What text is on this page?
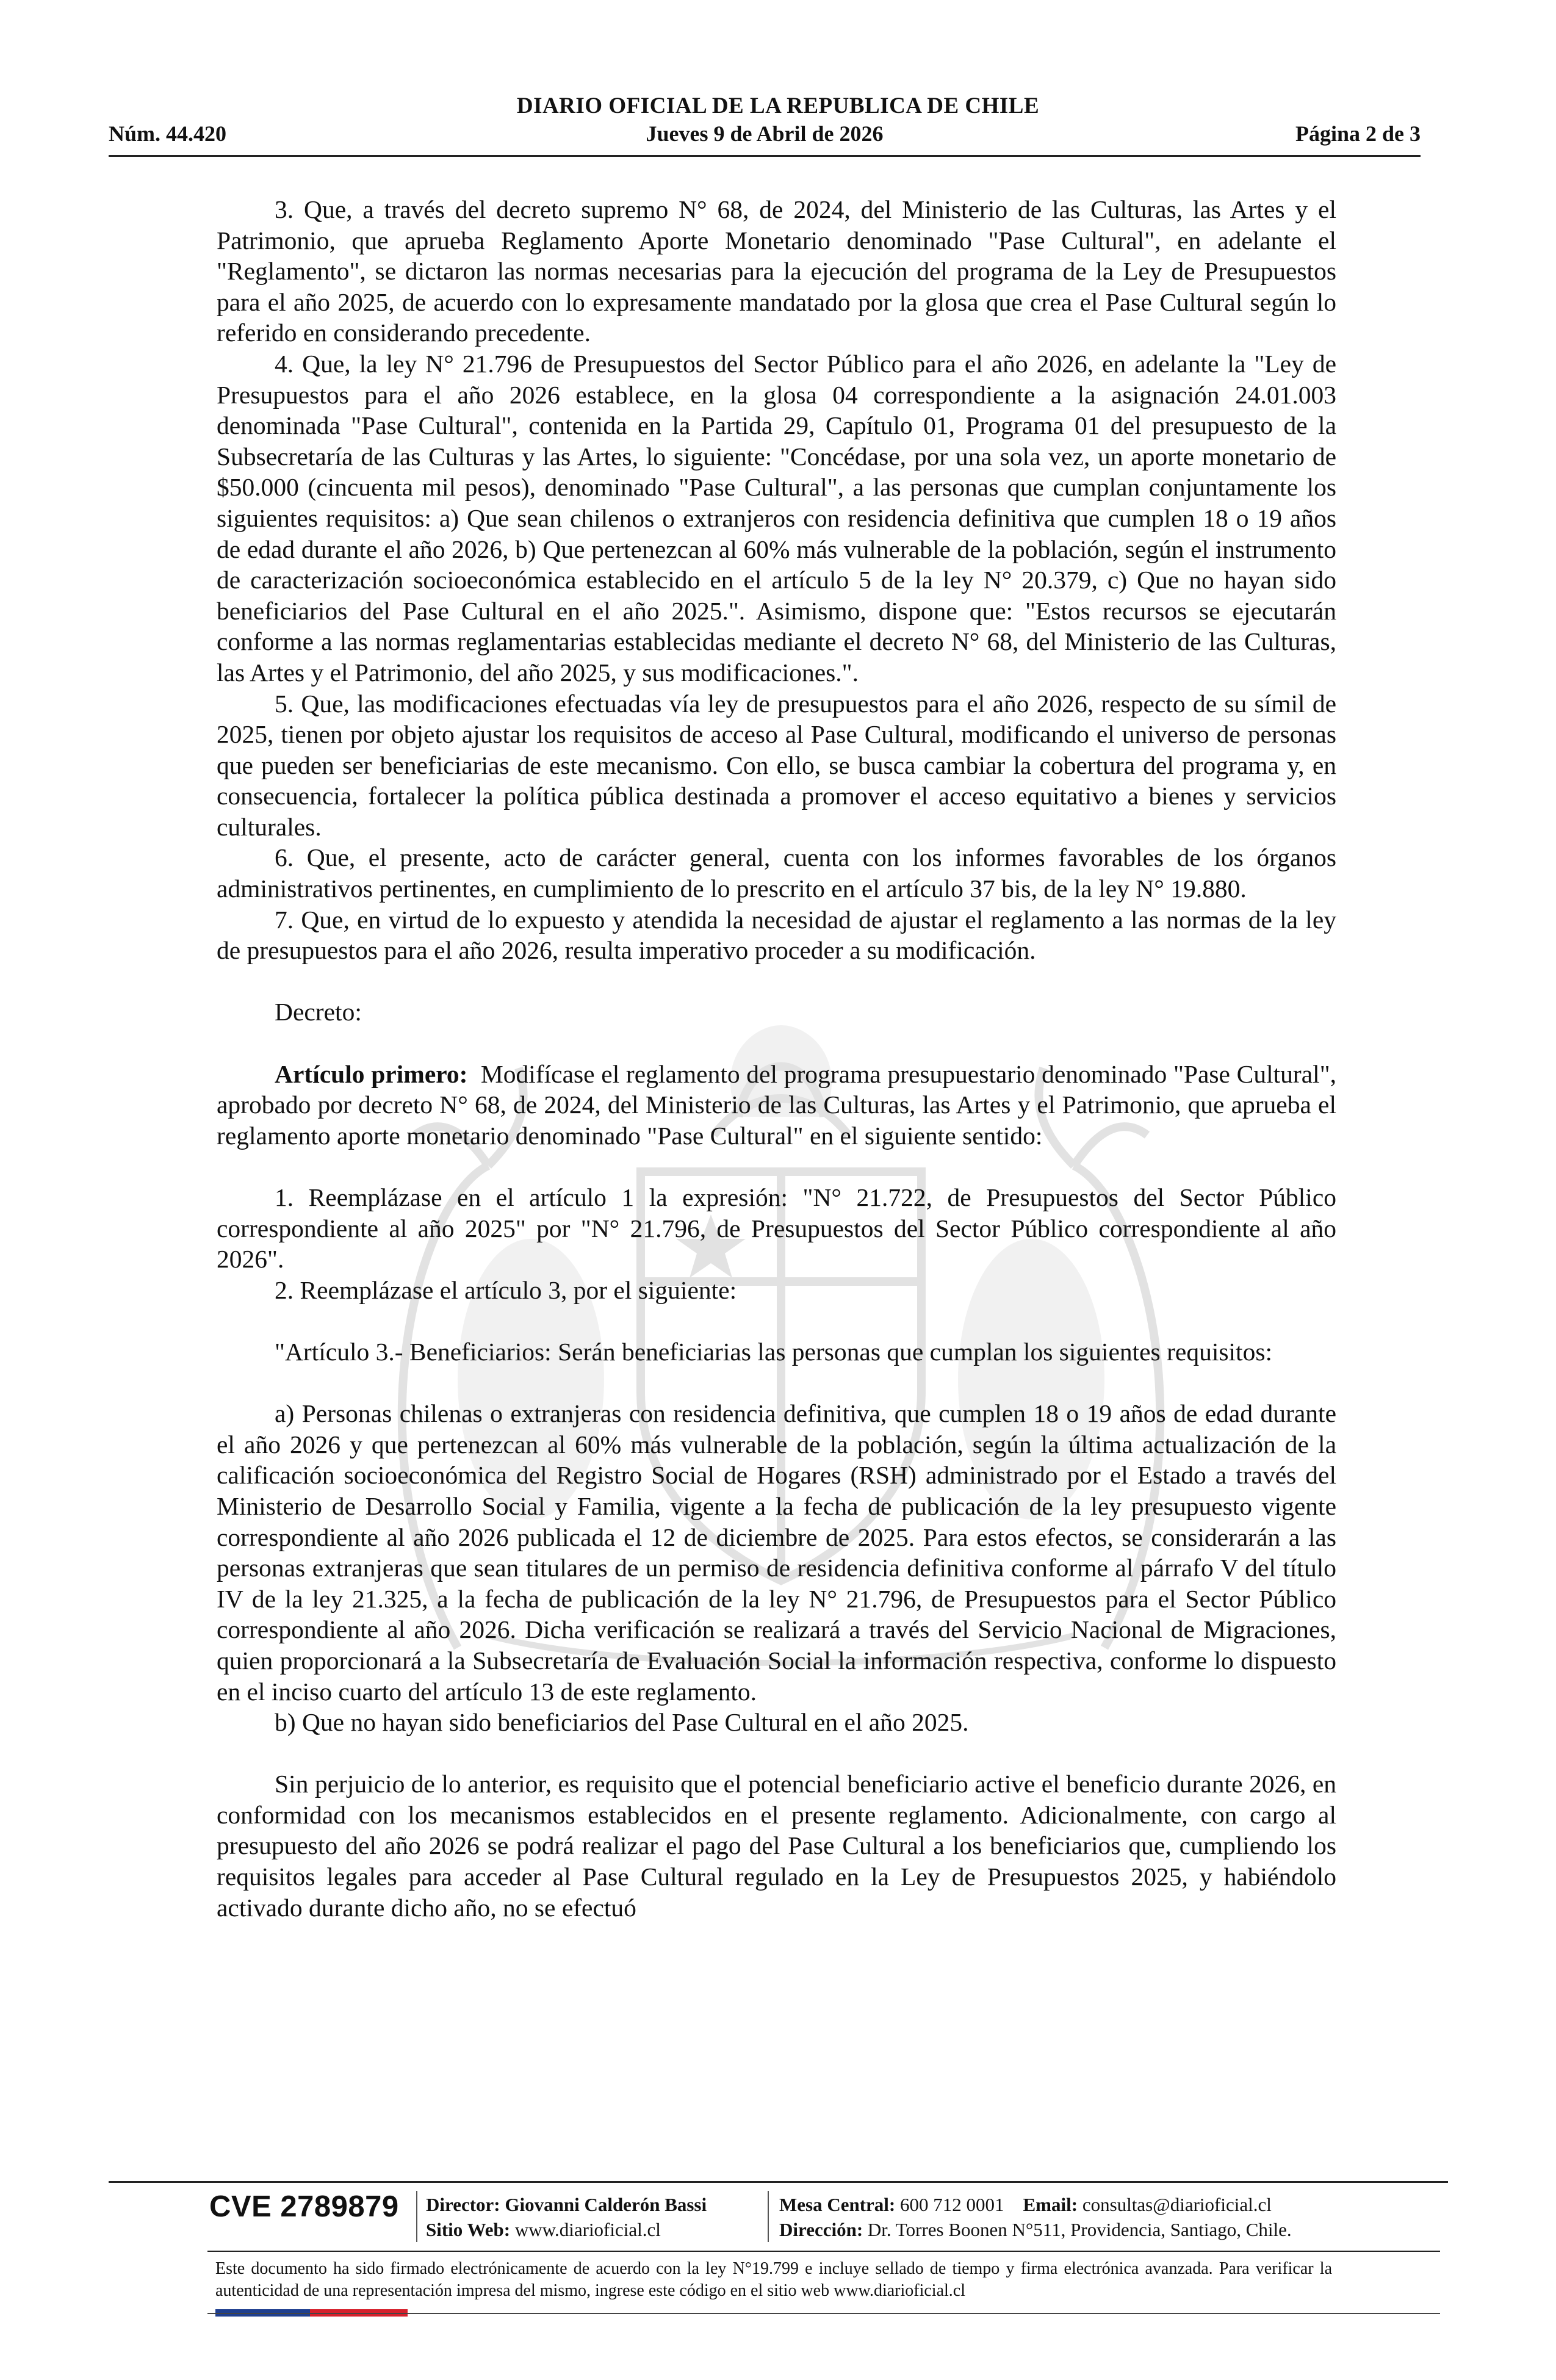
DIARIO OFICIAL DE LA REPUBLICA DE CHILE
Núm. 44.420	Jueves 9 de Abril de 2026	Página 2 de 3

3. Que, a través del decreto supremo N° 68, de 2024, del Ministerio de las Culturas, las Artes y el Patrimonio, que aprueba Reglamento Aporte Monetario denominado "Pase Cultural", en adelante el "Reglamento", se dictaron las normas necesarias para la ejecución del programa de la Ley de Presupuestos para el año 2025, de acuerdo con lo expresamente mandatado por la glosa que crea el Pase Cultural según lo referido en considerando precedente.

4. Que, la ley N° 21.796 de Presupuestos del Sector Público para el año 2026, en adelante la "Ley de Presupuestos para el año 2026 establece, en la glosa 04 correspondiente a la asignación 24.01.003 denominada "Pase Cultural", contenida en la Partida 29, Capítulo 01, Programa 01 del presupuesto de la Subsecretaría de las Culturas y las Artes, lo siguiente: "Concédase, por una sola vez, un aporte monetario de $50.000 (cincuenta mil pesos), denominado "Pase Cultural", a las personas que cumplan conjuntamente los siguientes requisitos: a) Que sean chilenos o extranjeros con residencia definitiva que cumplen 18 o 19 años de edad durante el año 2026, b) Que pertenezcan al 60% más vulnerable de la población, según el instrumento de caracterización socioeconómica establecido en el artículo 5 de la ley N° 20.379, c) Que no hayan sido beneficiarios del Pase Cultural en el año 2025.". Asimismo, dispone que: "Estos recursos se ejecutarán conforme a las normas reglamentarias establecidas mediante el decreto N° 68, del Ministerio de las Culturas, las Artes y el Patrimonio, del año 2025, y sus modificaciones.".

5. Que, las modificaciones efectuadas vía ley de presupuestos para el año 2026, respecto de su símil de 2025, tienen por objeto ajustar los requisitos de acceso al Pase Cultural, modificando el universo de personas que pueden ser beneficiarias de este mecanismo. Con ello, se busca cambiar la cobertura del programa y, en consecuencia, fortalecer la política pública destinada a promover el acceso equitativo a bienes y servicios culturales.

6. Que, el presente, acto de carácter general, cuenta con los informes favorables de los órganos administrativos pertinentes, en cumplimiento de lo prescrito en el artículo 37 bis, de la ley N° 19.880.

7. Que, en virtud de lo expuesto y atendida la necesidad de ajustar el reglamento a las normas de la ley de presupuestos para el año 2026, resulta imperativo proceder a su modificación.

Decreto:

Artículo primero: Modifícase el reglamento del programa presupuestario denominado "Pase Cultural", aprobado por decreto N° 68, de 2024, del Ministerio de las Culturas, las Artes y el Patrimonio, que aprueba el reglamento aporte monetario denominado "Pase Cultural" en el siguiente sentido:

1. Reemplázase en el artículo 1 la expresión: "N° 21.722, de Presupuestos del Sector Público correspondiente al año 2025" por "N° 21.796, de Presupuestos del Sector Público correspondiente al año 2026".

2. Reemplázase el artículo 3, por el siguiente:

"Artículo 3.- Beneficiarios: Serán beneficiarias las personas que cumplan los siguientes requisitos:

a) Personas chilenas o extranjeras con residencia definitiva, que cumplen 18 o 19 años de edad durante el año 2026 y que pertenezcan al 60% más vulnerable de la población, según la última actualización de la calificación socioeconómica del Registro Social de Hogares (RSH) administrado por el Estado a través del Ministerio de Desarrollo Social y Familia, vigente a la fecha de publicación de la ley presupuesto vigente correspondiente al año 2026 publicada el 12 de diciembre de 2025. Para estos efectos, se considerarán a las personas extranjeras que sean titulares de un permiso de residencia definitiva conforme al párrafo V del título IV de la ley 21.325, a la fecha de publicación de la ley N° 21.796, de Presupuestos para el Sector Público correspondiente al año 2026. Dicha verificación se realizará a través del Servicio Nacional de Migraciones, quien proporcionará a la Subsecretaría de Evaluación Social la información respectiva, conforme lo dispuesto en el inciso cuarto del artículo 13 de este reglamento.

b) Que no hayan sido beneficiarios del Pase Cultural en el año 2025.

Sin perjuicio de lo anterior, es requisito que el potencial beneficiario active el beneficio durante 2026, en conformidad con los mecanismos establecidos en el presente reglamento. Adicionalmente, con cargo al presupuesto del año 2026 se podrá realizar el pago del Pase Cultural a los beneficiarios que, cumpliendo los requisitos legales para acceder al Pase Cultural regulado en la Ley de Presupuestos 2025, y habiéndolo activado durante dicho año, no se efectuó

CVE 2789879 Director: Giovanni Calderón Bassi
Sitio Web: www.diarioficial.cl
Mesa Central: 600 712 0001 Email: consultas@diarioficial.cl
Dirección: Dr. Torres Boonen N°511, Providencia, Santiago, Chile.
Este documento ha sido firmado electrónicamente de acuerdo con la ley N°19.799 e incluye sellado de tiempo y firma electrónica avanzada. Para verificar la autenticidad de una representación impresa del mismo, ingrese este código en el sitio web www.diarioficial.cl
